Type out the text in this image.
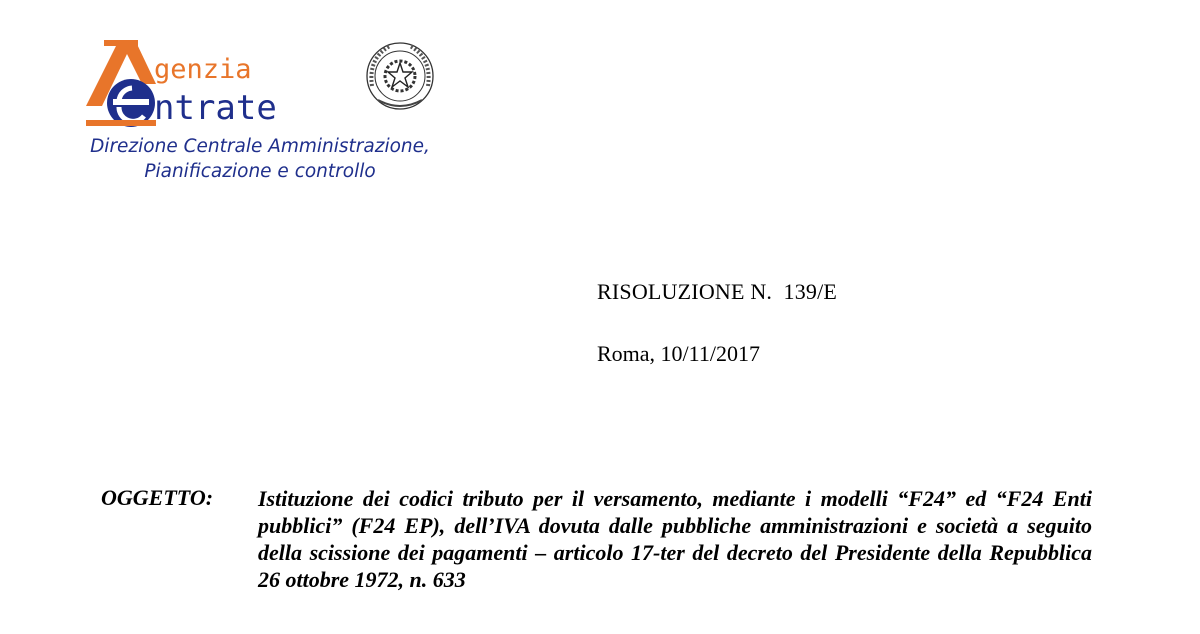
genzia
ntrate
Direzione Centrale Amministrazione,
Pianificazione e controllo
RISOLUZIONE N.  139/E
Roma, 10/11/2017
OGGETTO: Istituzione dei codici tributo per il versamento, mediante i modelli “F24” ed “F24 Enti pubblici” (F24 EP), dell’IVA dovuta dalle pubbliche amministrazioni e società a seguito della scissione dei pagamenti – articolo 17-ter del decreto del Presidente della Repubblica 26 ottobre 1972, n. 633
